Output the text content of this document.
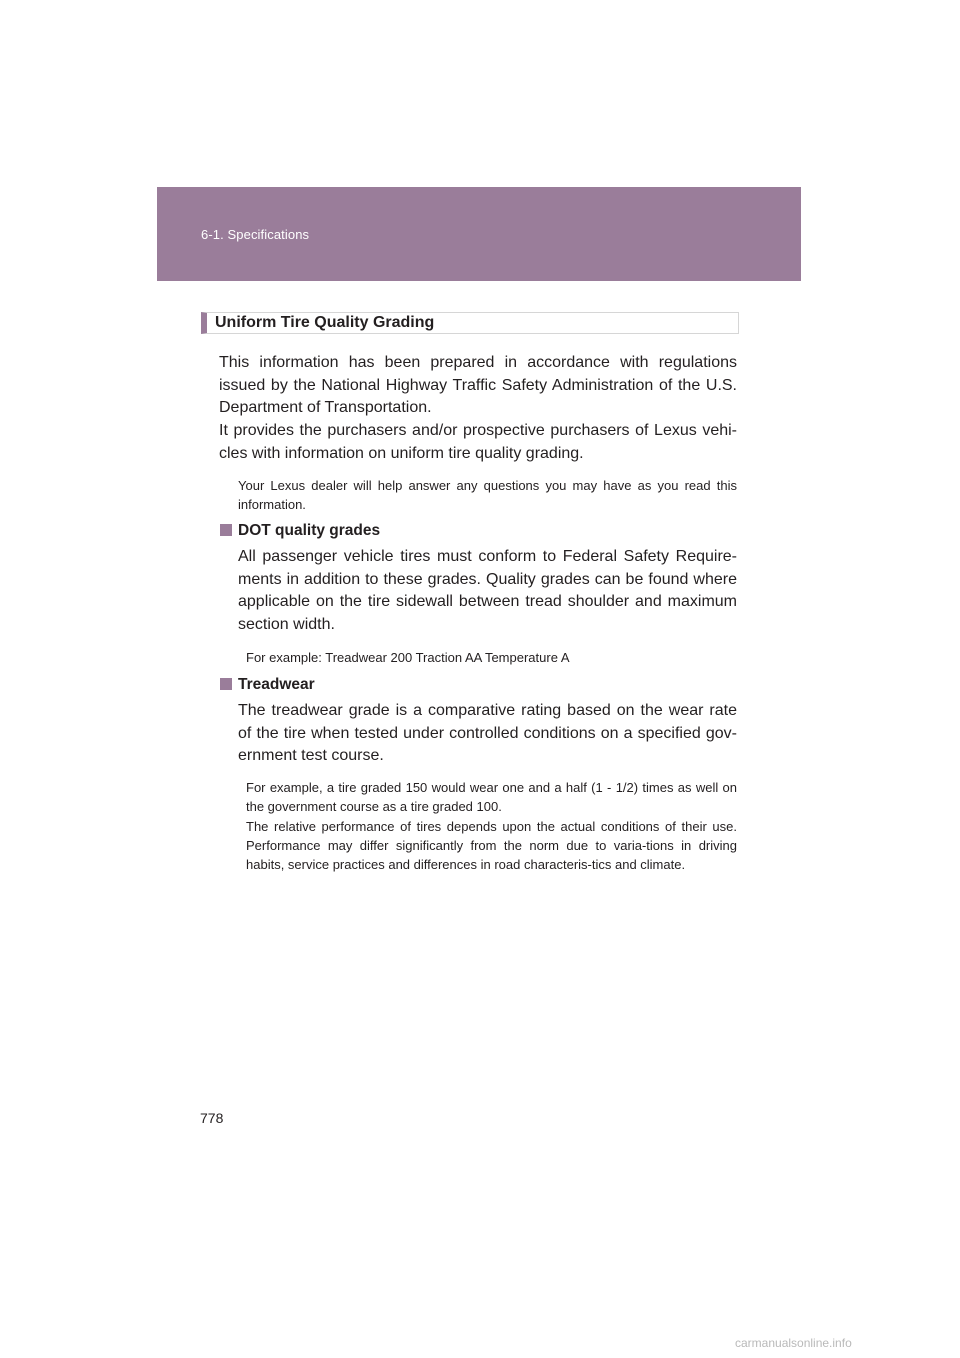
6-1. Specifications
Uniform Tire Quality Grading

This information has been prepared in accordance with regulations issued by the National Highway Traffic Safety Administration of the U.S. Department of Transportation.

It provides the purchasers and/or prospective purchasers of Lexus vehi-cles with information on uniform tire quality grading.

Your Lexus dealer will help answer any questions you may have as you read this information.

DOT quality grades

All passenger vehicle tires must conform to Federal Safety Require-ments in addition to these grades. Quality grades can be found where applicable on the tire sidewall between tread shoulder and maximum section width.

For example: Treadwear 200 Traction AA Temperature A

Treadwear

The treadwear grade is a comparative rating based on the wear rate of the tire when tested under controlled conditions on a specified gov-ernment test course.

For example, a tire graded 150 would wear one and a half (1 - 1/2) times as well on the government course as a tire graded 100.

The relative performance of tires depends upon the actual conditions of their use. Performance may differ significantly from the norm due to varia-tions in driving habits, service practices and differences in road characteris-tics and climate.

778
carmanualsonline.info
